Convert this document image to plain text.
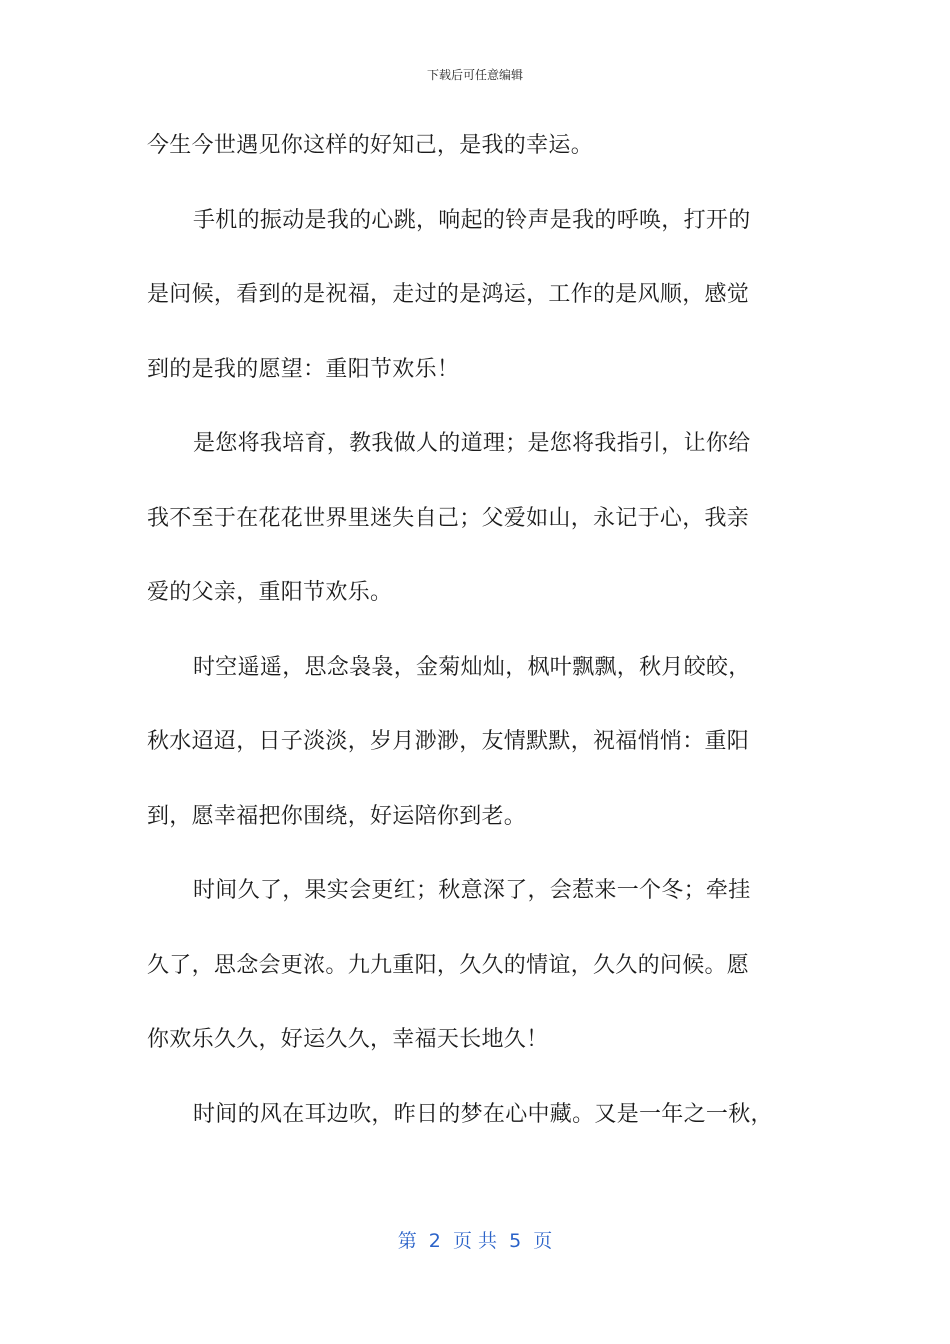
下载后可任意编辑
今生今世遇见你这样的好知己，是我的幸运。
手机的振动是我的心跳，响起的铃声是我的呼唤，打开的
是问候，看到的是祝福，走过的是鸿运，工作的是风顺，感觉
到的是我的愿望：重阳节欢乐！
是您将我培育，教我做人的道理；是您将我指引，让你给
我不至于在花花世界里迷失自己；父爱如山，永记于心，我亲
爱的父亲，重阳节欢乐。
时空遥遥，思念袅袅，金菊灿灿，枫叶飘飘，秋月皎皎，
秋水迢迢，日子淡淡，岁月渺渺，友情默默，祝福悄悄：重阳
到，愿幸福把你围绕，好运陪你到老。
时间久了，果实会更红；秋意深了，会惹来一个冬；牵挂
久了，思念会更浓。九九重阳，久久的情谊，久久的问候。愿
你欢乐久久，好运久久，幸福天长地久！
时间的风在耳边吹，昨日的梦在心中藏。又是一年之一秋，
第  2  页 共  5  页
